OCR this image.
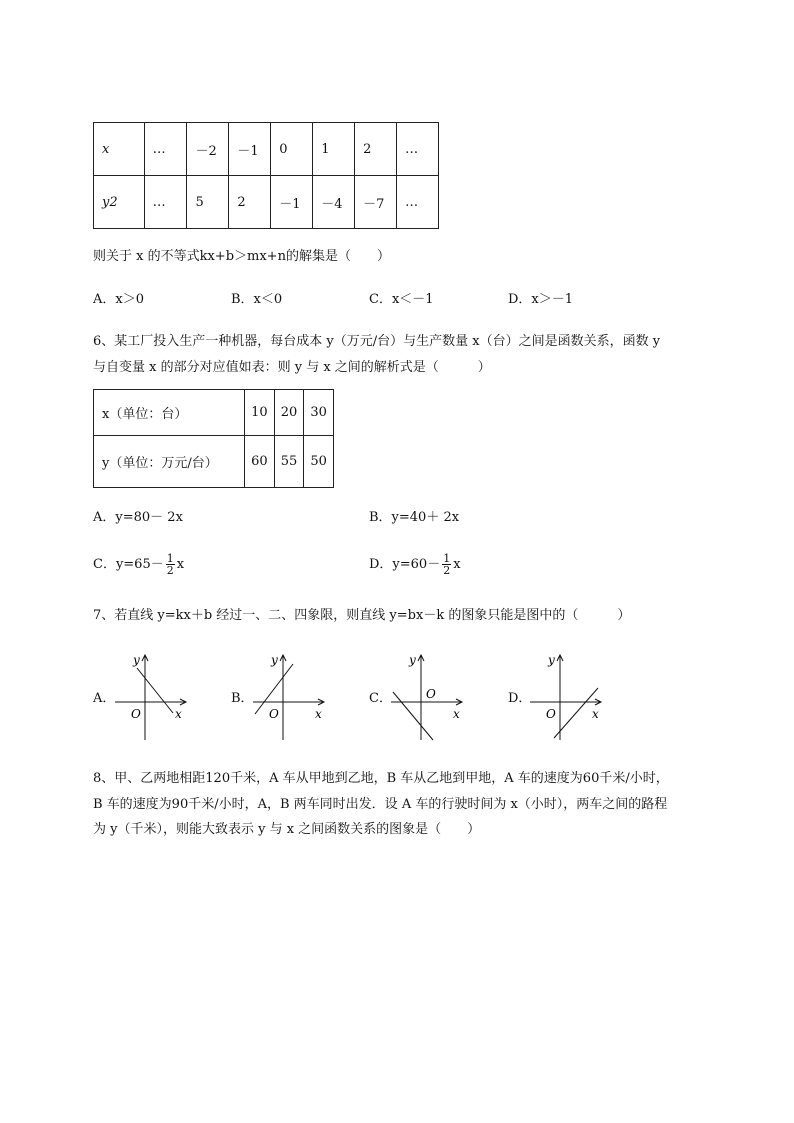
x	…	－2	－1	0	1	2	…
y2	…	5	2	－1	－4	－7	…
则关于 x 的不等式kx+b＞mx+n的解集是（　　）
A．x＞0	B．x＜0	C．x＜－1	D．x＞－1
6、某工厂投入生产一种机器，每台成本 y（万元/台）与生产数量 x（台）之间是函数关系，函数 y
与自变量 x 的部分对应值如表：则 y 与 x 之间的解析式是（　　　）
x（单位：台）	10	20	30
y（单位：万元/台）	60	55	50
A．y=80－ 2x	B．y=40＋ 2x
C．$y=65- \frac{1}{2}$ x	D．$y=60- \frac{1}{2}$ x
7、若直线 y=kx＋b 经过一、二、四象限，则直线 y=bx－k 的图象只能是图中的（　　　）
A．
y
x
O
B．
y
x
O
C．
y
x
O	D．
y
x
O
8、甲、乙两地相距120千米，A 车从甲地到乙地，B 车从乙地到甲地，A 车的速度为60千米/小时，
B 车的速度为90千米/小时，A，B 两车同时出发．设 A 车的行驶时间为 x（小时），两车之间的路程
为 y（千米），则能大致表示 y 与 x 之间函数关系的图象是（　　）
